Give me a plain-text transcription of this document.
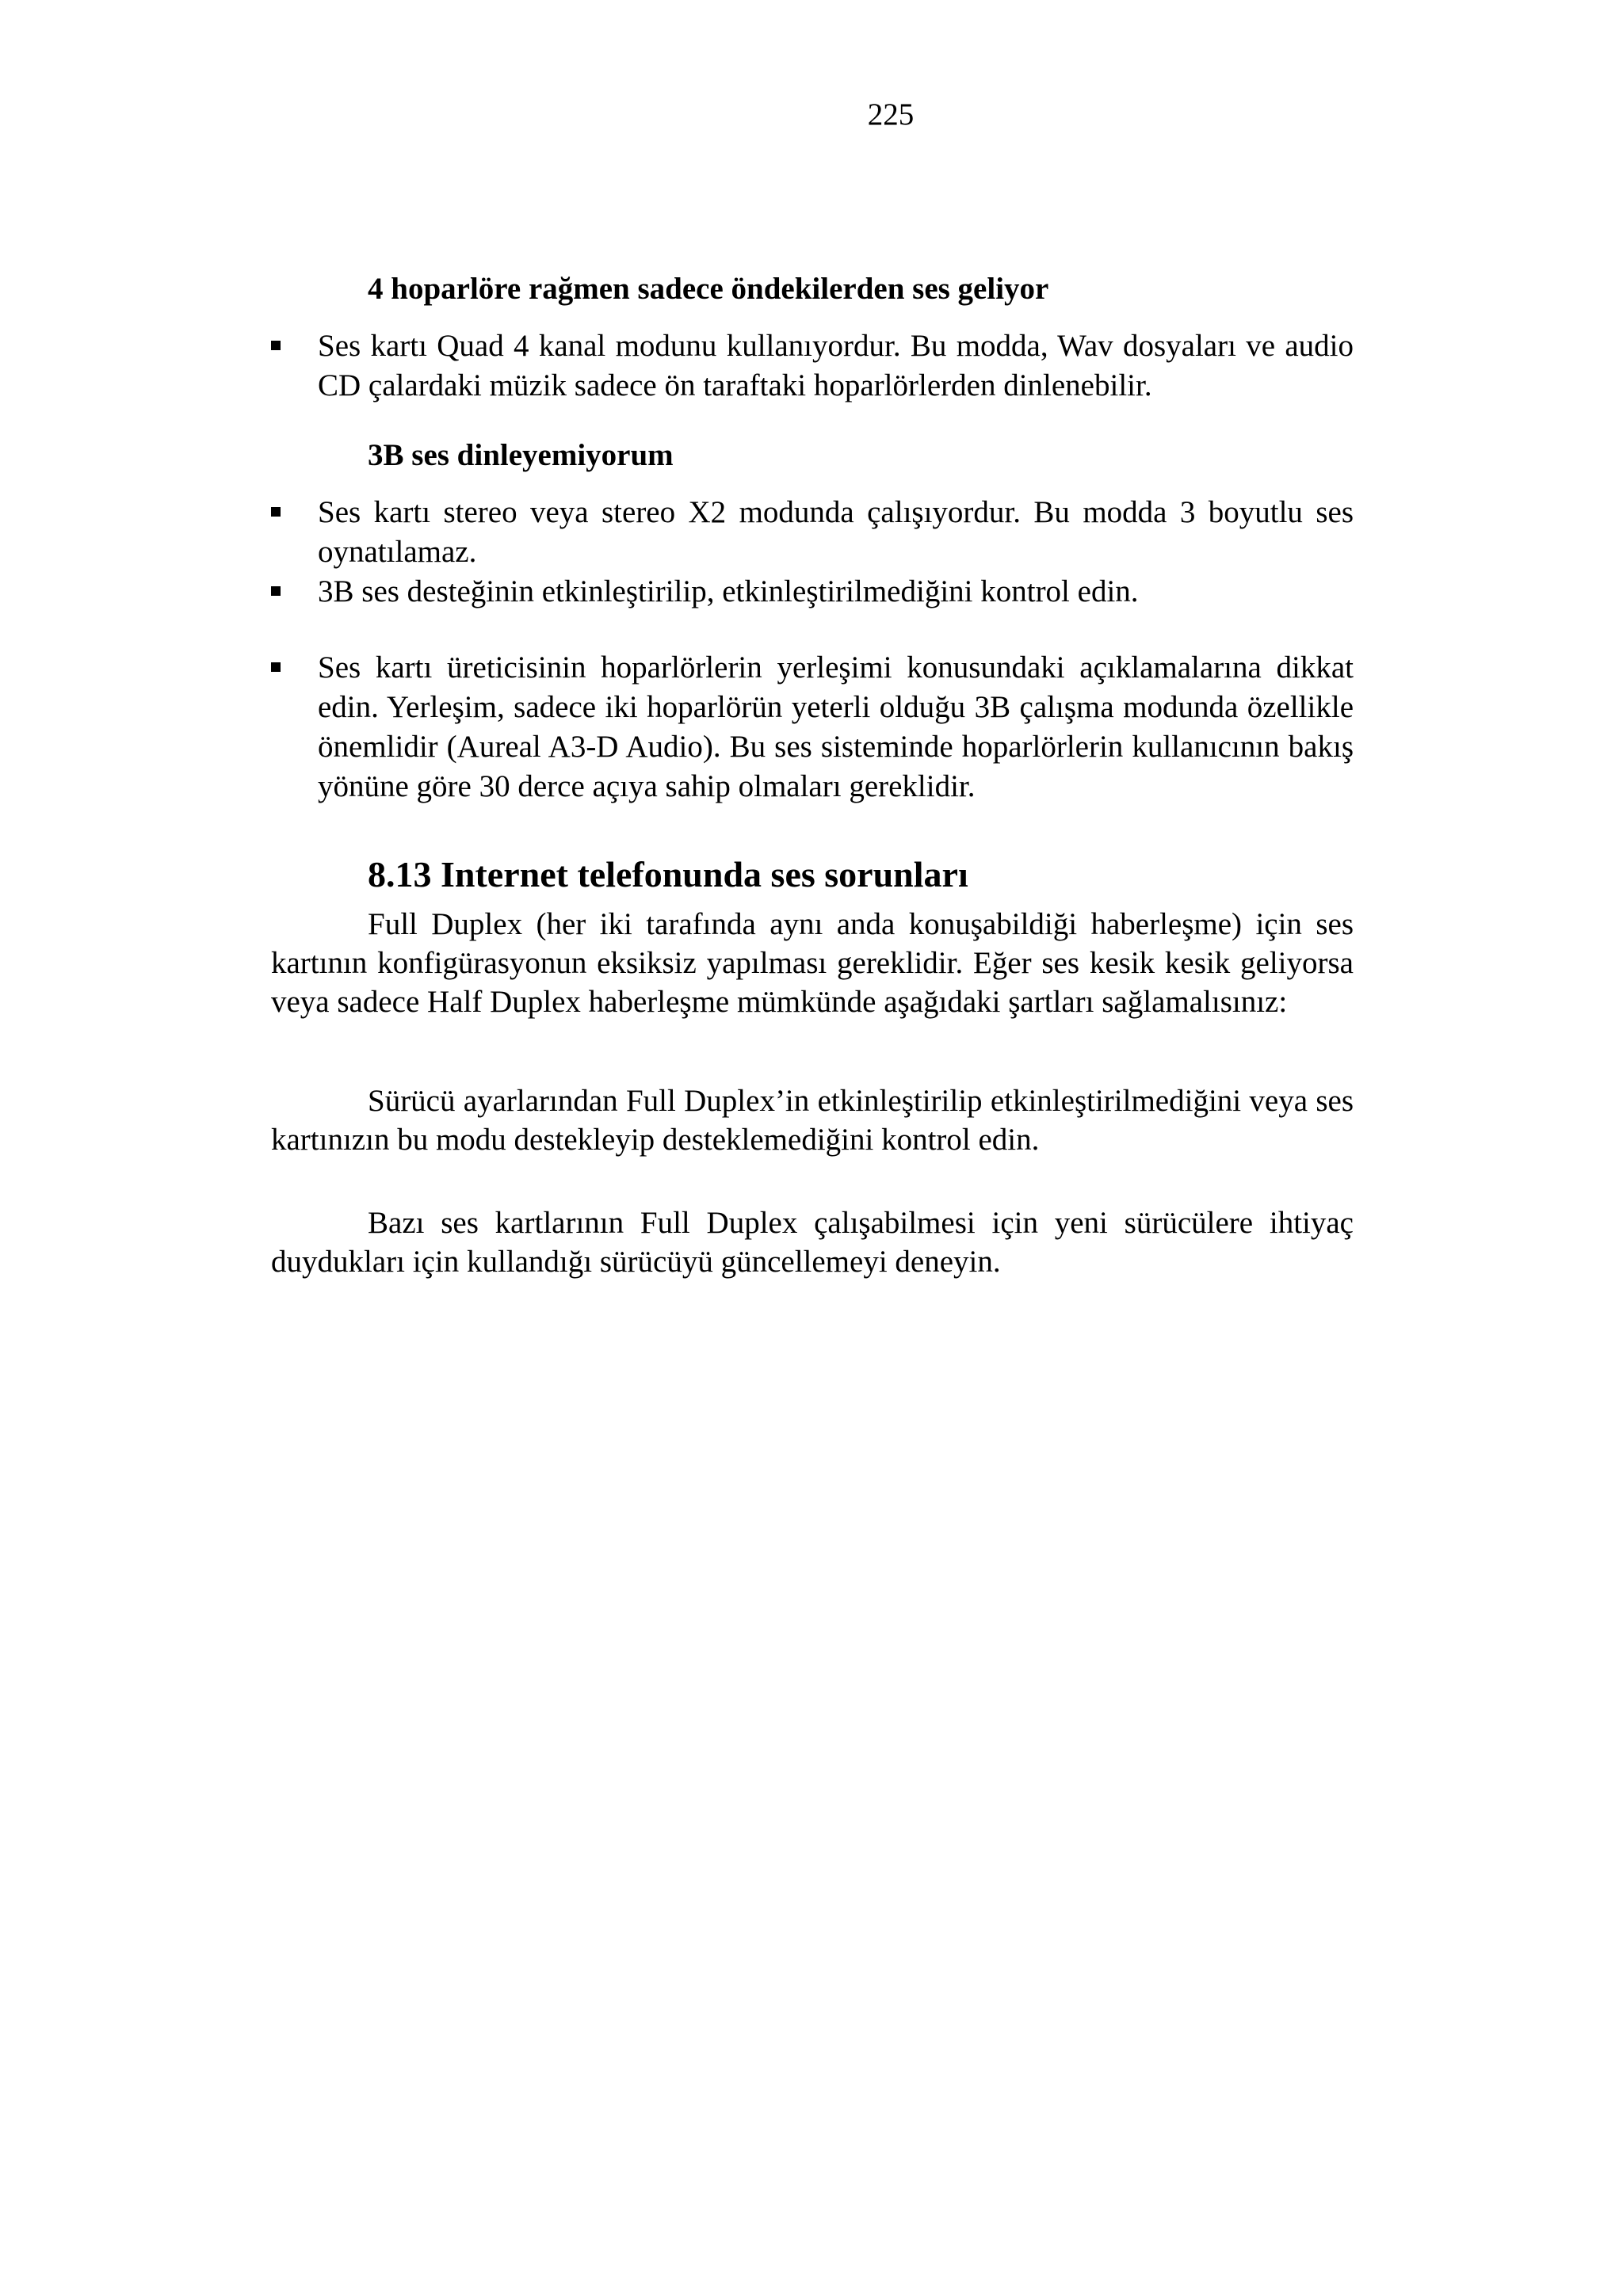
225
4 hoparlöre rağmen sadece öndekilerden ses geliyor
Ses kartı Quad 4 kanal modunu kullanıyordur. Bu modda, Wav dosyaları ve audio CD çalardaki müzik sadece ön taraftaki hoparlörlerden dinlenebilir.
3B ses dinleyemiyorum
Ses kartı stereo veya stereo X2 modunda çalışıyordur. Bu modda 3 boyutlu ses oynatılamaz.
3B ses desteğinin etkinleştirilip, etkinleştirilmediğini kontrol edin.
Ses kartı üreticisinin hoparlörlerin yerleşimi konusundaki açıklamalarına dikkat edin. Yerleşim, sadece iki hoparlörün yeterli olduğu 3B çalışma modunda özellikle önemlidir (Aureal A3-D Audio). Bu ses sisteminde hoparlörlerin kullanıcının bakış yönüne göre 30 derce açıya sahip olmaları gereklidir.
8.13 Internet telefonunda ses sorunları

Full Duplex (her iki tarafında aynı anda konuşabildiği haberleşme) için ses kartının konfigürasyonun eksiksiz yapılması gereklidir. Eğer ses kesik kesik geliyorsa veya sadece Half Duplex haberleşme mümkünde aşağıdaki şartları sağlamalısınız:

Sürücü ayarlarından Full Duplex’in etkinleştirilip etkinleştirilmediğini veya ses kartınızın bu modu destekleyip desteklemediğini kontrol edin.

Bazı ses kartlarının Full Duplex çalışabilmesi için yeni sürücülere ihtiyaç duydukları için kullandığı sürücüyü güncellemeyi deneyin.
